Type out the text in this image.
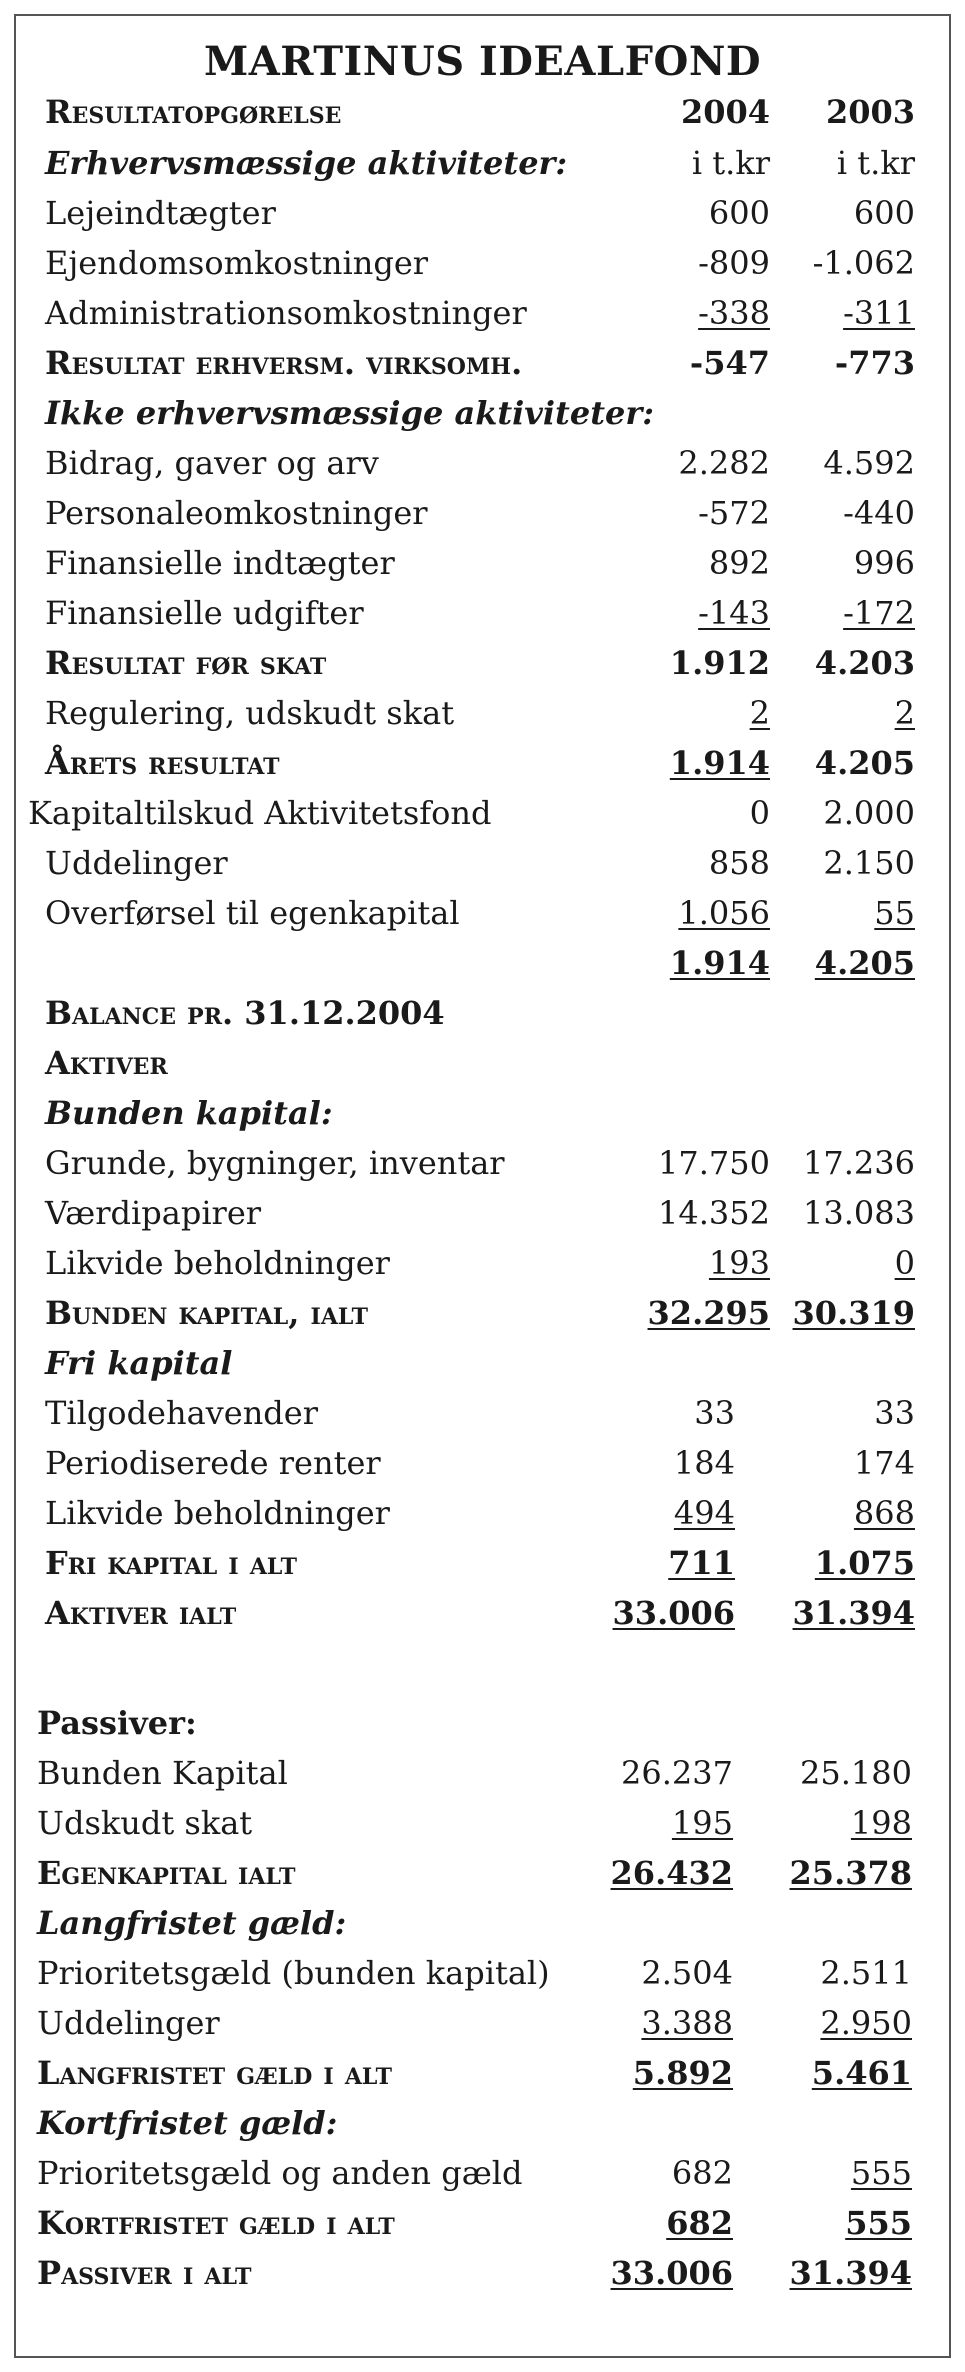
MARTINUS IDEALFOND
Resultatopgørelse	2004	2003
Erhvervsmæssige aktiviteter:	i t.kr	i t.kr
Lejeindtægter	600	600
Ejendomsomkostninger	-809	-1.062
Administrationsomkostninger	-338	-311
Resultat erhversm. virksomh.	-547	-773
Ikke erhvervsmæssige aktiviteter:
Bidrag, gaver og arv	2.282	4.592
Personaleomkostninger	-572	-440
Finansielle indtægter	892	996
Finansielle udgifter	-143	-172
Resultat før skat	1.912	4.203
Regulering, udskudt skat	2	2
Årets resultat	1.914	4.205
Kapitaltilskud Aktivitetsfond	0	2.000
Uddelinger	858	2.150
Overførsel til egenkapital	1.056	55
1.914	4.205
Balance pr. 31.12.2004
Aktiver
Bunden kapital:
Grunde, bygninger, inventar	17.750	17.236
Værdipapirer	14.352	13.083
Likvide beholdninger	193	0
Bunden kapital, ialt	32.295 30.319
Fri kapital
Tilgodehavender	33	33
Periodiserede renter	184	174
Likvide beholdninger	494	868
Fri kapital i alt	711	1.075
Aktiver ialt	33.006	31.394
Passiver:
Bunden Kapital	26.237	25.180
Udskudt skat	195	198
Egenkapital ialt	26.432	25.378
Langfristet gæld:
Prioritetsgæld (bunden kapital)	2.504	2.511
Uddelinger	3.388	2.950
Langfristet gæld i alt	5.892	5.461
Kortfristet gæld:
Prioritetsgæld og anden gæld	682	555
Kortfristet gæld i alt	682	555
Passiver i alt	33.006	31.394
